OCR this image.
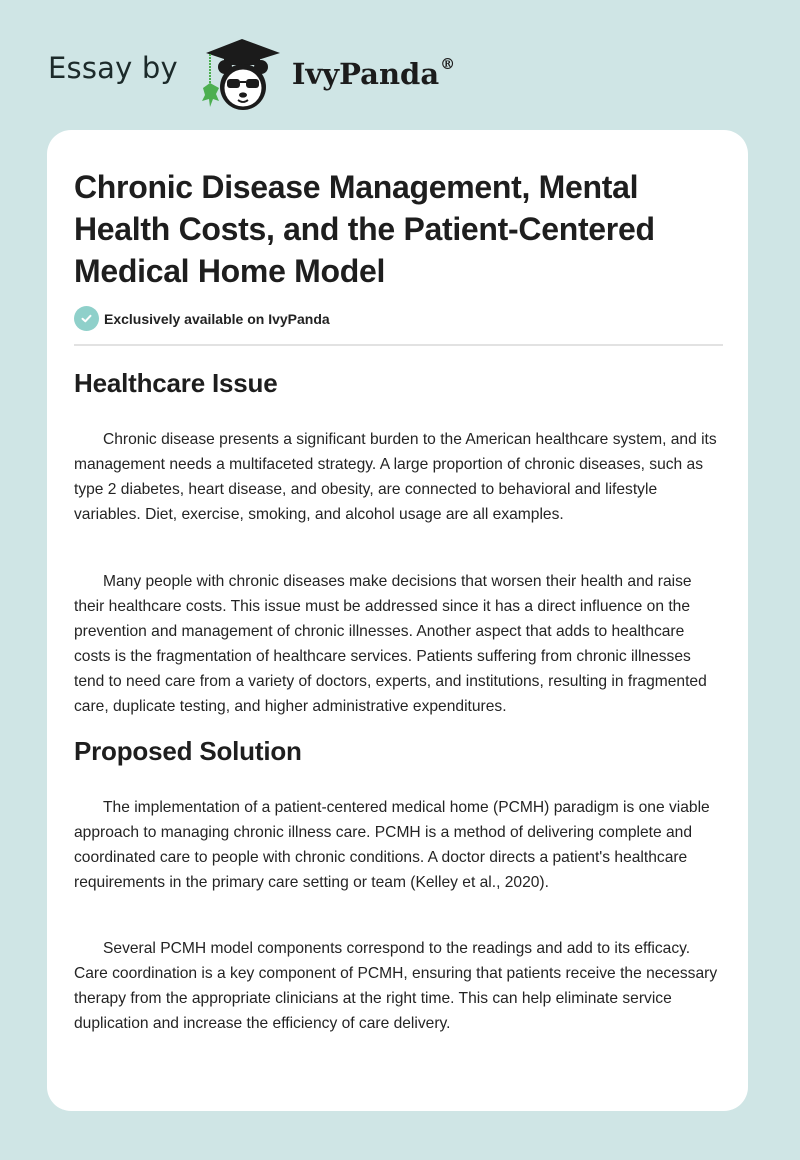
Essay by	IvyPanda®
Chronic Disease Management, Mental Health Costs, and the Patient-Centered Medical Home Model
Exclusively available on IvyPanda
Healthcare Issue

Chronic disease presents a significant burden to the American healthcare system, and its management needs a multifaceted strategy. A large proportion of chronic diseases, such as type 2 diabetes, heart disease, and obesity, are connected to behavioral and lifestyle variables. Diet, exercise, smoking, and alcohol usage are all examples.

Many people with chronic diseases make decisions that worsen their health and raise their healthcare costs. This issue must be addressed since it has a direct influence on the prevention and management of chronic illnesses. Another aspect that adds to healthcare costs is the fragmentation of healthcare services. Patients suffering from chronic illnesses tend to need care from a variety of doctors, experts, and institutions, resulting in fragmented care, duplicate testing, and higher administrative expenditures.

Proposed Solution

The implementation of a patient-centered medical home (PCMH) paradigm is one viable approach to managing chronic illness care. PCMH is a method of delivering complete and coordinated care to people with chronic conditions. A doctor directs a patient's healthcare requirements in the primary care setting or team (Kelley et al., 2020).

Several PCMH model components correspond to the readings and add to its efficacy. Care coordination is a key component of PCMH, ensuring that patients receive the necessary therapy from the appropriate clinicians at the right time. This can help eliminate service duplication and increase the efficiency of care delivery.
